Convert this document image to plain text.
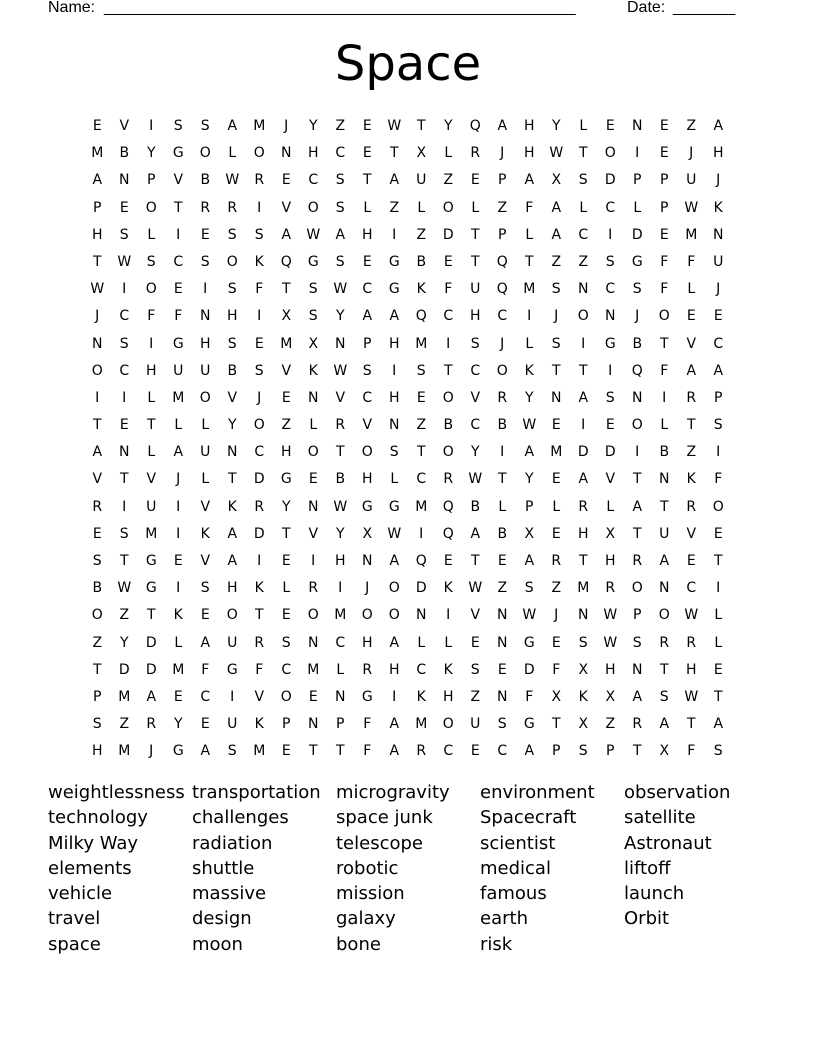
Name: _____________________________________________________	Date: _______
Space
E	V	I	S	S	A	M	J	Y	Z	E	W	T	Y	Q	A	H	Y	L	E	N	E	Z	A
M	B	Y	G	O	L	O	N	H	C	E	T	X	L	R	J	H	W	T	O	I	E	J	H
A	N	P	V	B	W	R	E	C	S	T	A	U	Z	E	P	A	X	S	D	P	P	U	J
P	E	O	T	R	R	I	V	O	S	L	Z	L	O	L	Z	F	A	L	C	L	P	W	K
H	S	L	I	E	S	S	A	W	A	H	I	Z	D	T	P	L	A	C	I	D	E	M	N
T	W	S	C	S	O	K	Q	G	S	E	G	B	E	T	Q	T	Z	Z	S	G	F	F	U
W	I	O	E	I	S	F	T	S	W	C	G	K	F	U	Q	M	S	N	C	S	F	L	J
J	C	F	F	N	H	I	X	S	Y	A	A	Q	C	H	C	I	J	O	N	J	O	E	E
N	S	I	G	H	S	E	M	X	N	P	H	M	I	S	J	L	S	I	G	B	T	V	C
O	C	H	U	U	B	S	V	K	W	S	I	S	T	C	O	K	T	T	I	Q	F	A	A
I	I	L	M	O	V	J	E	N	V	C	H	E	O	V	R	Y	N	A	S	N	I	R	P
T	E	T	L	L	Y	O	Z	L	R	V	N	Z	B	C	B	W	E	I	E	O	L	T	S
A	N	L	A	U	N	C	H	O	T	O	S	T	O	Y	I	A	M	D	D	I	B	Z	I
V	T	V	J	L	T	D	G	E	B	H	L	C	R	W	T	Y	E	A	V	T	N	K	F
R	I	U	I	V	K	R	Y	N	W	G	G	M	Q	B	L	P	L	R	L	A	T	R	O
E	S	M	I	K	A	D	T	V	Y	X	W	I	Q	A	B	X	E	H	X	T	U	V	E
S	T	G	E	V	A	I	E	I	H	N	A	Q	E	T	E	A	R	T	H	R	A	E	T
B	W	G	I	S	H	K	L	R	I	J	O	D	K	W	Z	S	Z	M	R	O	N	C	I
O	Z	T	K	E	O	T	E	O	M	O	O	N	I	V	N	W	J	N	W	P	O	W	L
Z	Y	D	L	A	U	R	S	N	C	H	A	L	L	E	N	G	E	S	W	S	R	R	L
T	D	D	M	F	G	F	C	M	L	R	H	C	K	S	E	D	F	X	H	N	T	H	E
P	M	A	E	C	I	V	O	E	N	G	I	K	H	Z	N	F	X	K	X	A	S	W	T
S	Z	R	Y	E	U	K	P	N	P	F	A	M	O	U	S	G	T	X	Z	R	A	T	A
H	M	J	G	A	S	M	E	T	T	F	A	R	C	E	C	A	P	S	P	T	X	F	S
weightlessness
technology
Milky Way
elements
vehicle
travel
space
transportation
challenges
radiation
shuttle
massive
design
moon
microgravity
space junk
telescope
robotic
mission
galaxy
bone
environment
Spacecraft
scientist
medical
famous
earth
risk
observation
satellite
Astronaut
liftoff
launch
Orbit
